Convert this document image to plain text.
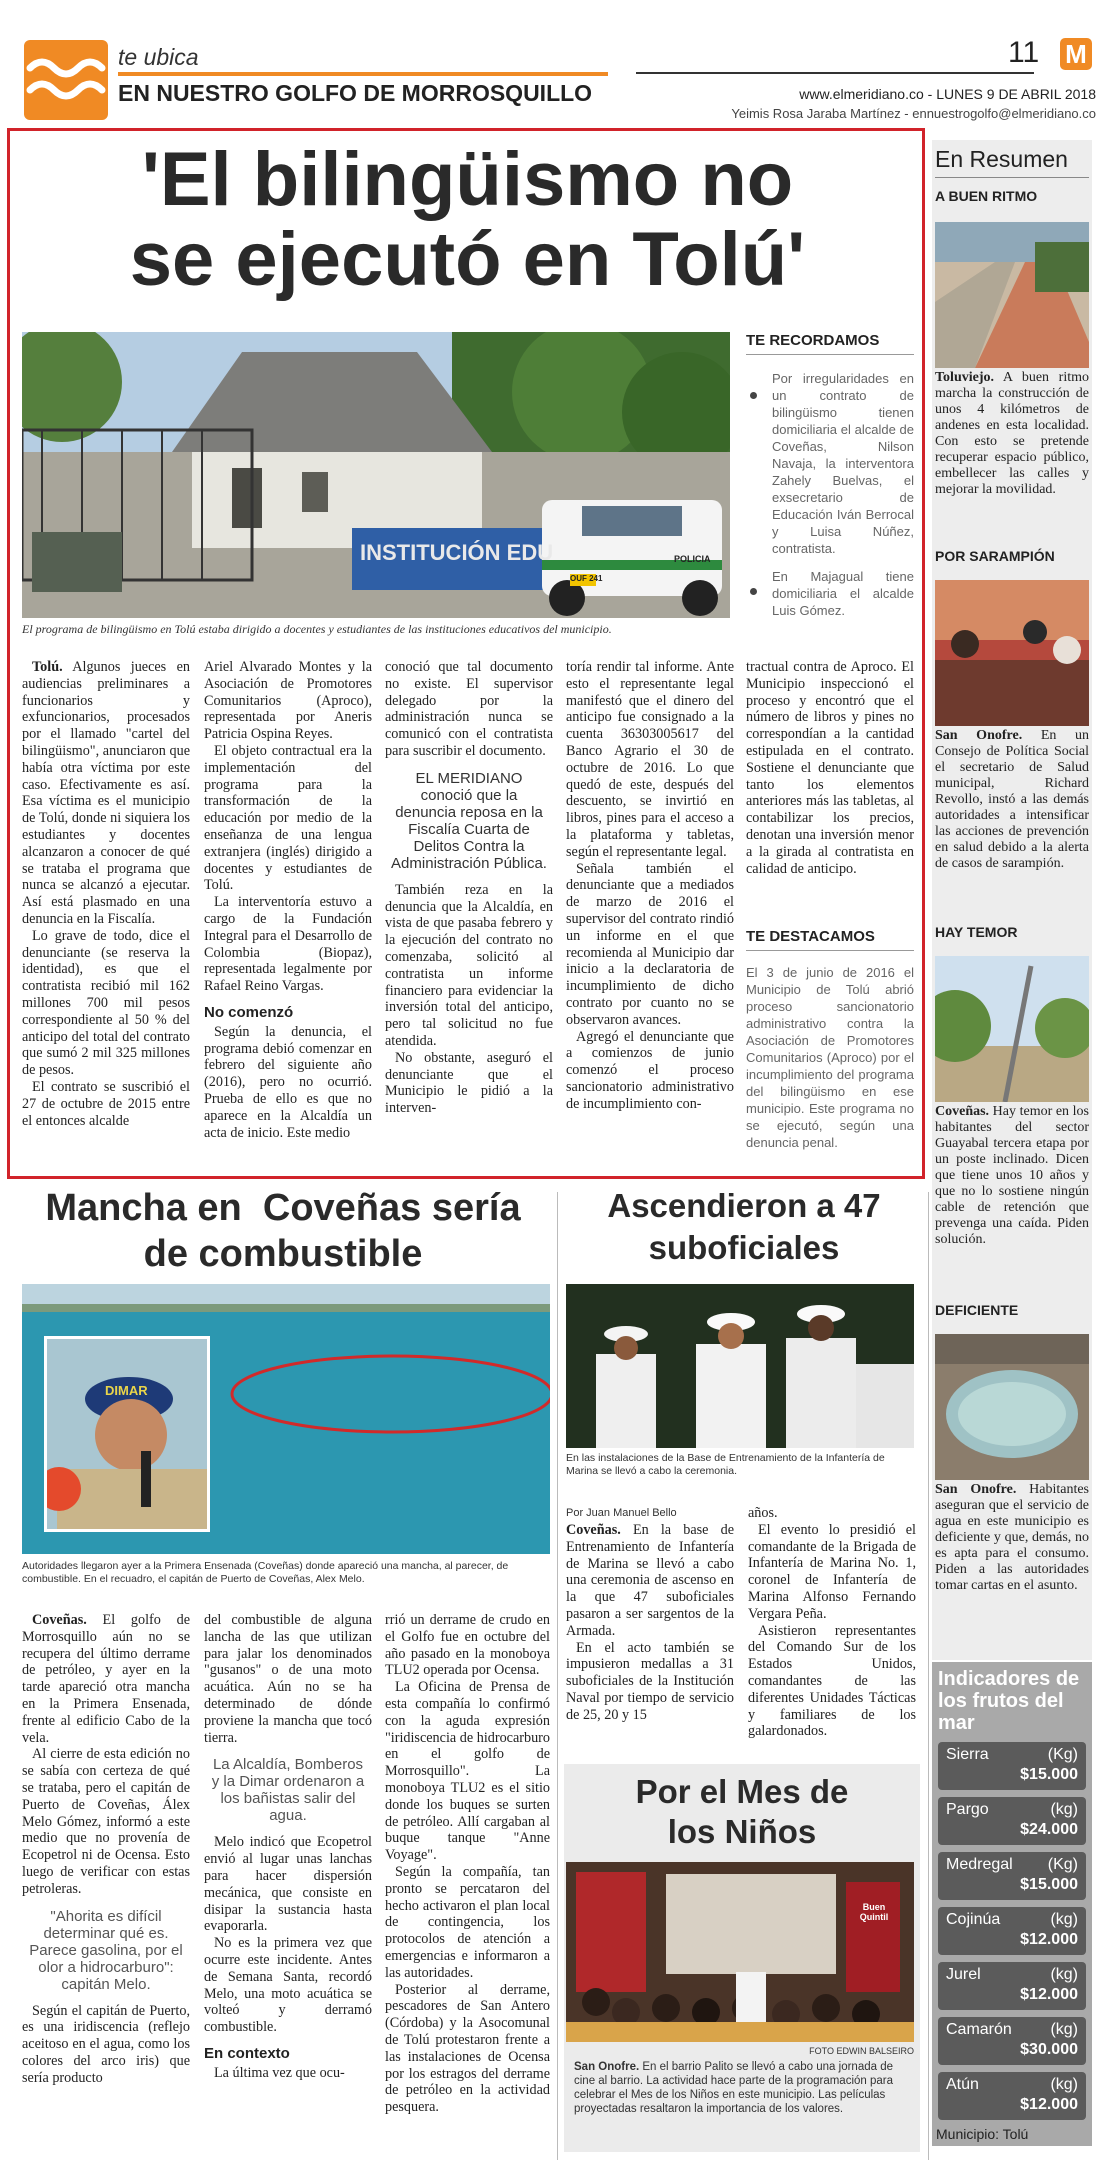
te ubica
EN NUESTRO GOLFO DE MORROSQUILLO
11 M
www.elmeridiano.co - LUNES 9 DE ABRIL 2018
Yeimis Rosa Jaraba Martínez - ennuestrogolfo@elmeridiano.co
'El bilingüismo no
se ejecutó en Tolú'
INSTITUCIÓN EDU	POLICIA
OUF 241
El programa de bilingüismo en Tolú estaba dirigido a docentes y estudiantes de las instituciones educativos del municipio.
TE RECORDAMOS
Por irregularidades en un contrato de bilingüismo tienen domiciliaria el alcalde de Coveñas, Nilson Navaja, la interventora Zahely Buelvas, el exsecretario de Educación Iván Berrocal y Luisa Núñez, contratista.
En Majagual tiene domiciliaria el alcalde Luis Gómez.

Tolú. Algunos jueces en audiencias preliminares a funcionarios y exfuncionarios, procesados por el llamado "cartel del bilingüismo", anunciaron que había otra víctima por este caso. Efectivamente es así. Esa víctima es el municipio de Tolú, donde ni siquiera los estudiantes y docentes alcanzaron a conocer de qué se trataba el programa que nunca se alcanzó a ejecutar. Así está plasmado en una denuncia en la Fiscalía.

Lo grave de todo, dice el denunciante (se reserva la identidad), es que el contratista recibió mil 162 millones 700 mil pesos correspondiente al 50 % del anticipo del total del contrato que sumó 2 mil 325 millones de pesos.

El contrato se suscribió el 27 de octubre de 2015 entre el entonces alcalde

Ariel Alvarado Montes y la Asociación de Promotores Comunitarios (Aproco), representada por Aneris Patricia Ospina Reyes.

El objeto contractual era la implementación del programa para la transformación de la educación por medio de la enseñanza de una lengua extranjera (inglés) dirigido a docentes y estudiantes de Tolú.

La interventoría estuvo a cargo de la Fundación Integral para el Desarrollo de Colombia (Biopaz), representada legalmente por Rafael Reino Vargas.

No comenzó

Según la denuncia, el programa debió comenzar en febrero del siguiente año (2016), pero no ocurrió. Prueba de ello es que no aparece en la Alcaldía un acta de inicio. Este medio

conoció que tal documento no existe. El supervisor delegado por la administración nunca se comunicó con el contratista para suscribir el documento.

EL MERIDIANO conoció que la denuncia reposa en la Fiscalía Cuarta de Delitos Contra la Administración Pública.

También reza en la denuncia que la Alcaldía, en vista de que pasaba febrero y la ejecución del contrato no comenzaba, solicitó al contratista un informe financiero para evidenciar la inversión total del anticipo, pero tal solicitud no fue atendida.

No obstante, aseguró el denunciante que el Municipio le pidió a la interven-

toría rendir tal informe. Ante esto el representante legal manifestó que el dinero del anticipo fue consignado a la cuenta 36303005617 del Banco Agrario el 30 de octubre de 2016. Lo que quedó de este, después del descuento, se invirtió en libros, pines para el acceso a la plataforma y tabletas, según el representante legal.

Señala también el denunciante que a mediados de marzo de 2016 el supervisor del contrato rindió un informe en el que recomienda al Municipio dar inicio a la declaratoria de incumplimiento de dicho contrato por cuanto no se observaron avances.

Agregó el denunciante que a comienzos de junio comenzó el proceso sancionatorio administrativo de incumplimiento con-

tractual contra de Aproco. El Municipio inspeccionó el proceso y encontró que el número de libros y pines no correspondían a la cantidad estipulada en el contrato. Sostiene el denunciante que tanto los elementos anteriores más las tabletas, al contabilizar los precios, denotan una inversión menor a la girada al contratista en calidad de anticipo.

TE DESTACAMOS
El 3 de junio de 2016 el Municipio de Tolú abrió proceso sancionatorio administrativo contra la Asociación de Promotores Comunitarios (Aproco) por el incumplimiento del programa del bilingüismo en ese municipio. Este programa no se ejecutó, según una denuncia penal.
En Resumen
A BUEN RITMO
Toluviejo. A buen ritmo marcha la construcción de unos 4 kilómetros de andenes en esta localidad. Con esto se pretende recuperar espacio público, embellecer las calles y mejorar la movilidad.
POR SARAMPIÓN
San Onofre. En un Consejo de Política Social el secretario de Salud municipal, Richard Revollo, instó a las demás autoridades a intensificar las acciones de prevención en salud debido a la alerta de casos de sarampión.
HAY TEMOR
Coveñas. Hay temor en los habitantes del sector Guayabal tercera etapa por un poste inclinado. Dicen que tiene unos 10 años y que no lo sostiene ningún cable de retención que prevenga una caída. Piden solución.
DEFICIENTE
San Onofre. Habitantes aseguran que el servicio de agua en este municipio es deficiente y que, demás, no es apta para el consumo. Piden a las autoridades tomar cartas en el asunto.
Indicadores de los frutos del mar
Sierra	(Kg)
$15.000
Pargo	(kg)
$24.000
Medregal (Kg)
$15.000
Cojinúa	(kg)
$12.000
Jurel	(kg)
$12.000
Camarón (kg)
$30.000
Atún	(kg)
$12.000
Municipio: Tolú
Mancha en  Coveñas sería
de combustible
DIMAR
Autoridades llegaron ayer a la Primera Ensenada (Coveñas) donde apareció una mancha, al parecer, de combustible. En el recuadro, el capitán de Puerto de Coveñas, Alex Melo.

Coveñas. El golfo de Morrosquillo aún no se recupera del último derrame de petróleo, y ayer en la tarde apareció otra mancha en la Primera Ensenada, frente al edificio Cabo de la vela.

Al cierre de esta edición no se sabía con certeza de qué se trataba, pero el capitán de Puerto de Coveñas, Álex Melo Gómez, informó a este medio que no provenía de Ecopetrol ni de Ocensa. Esto luego de verificar con estas petroleras.

"Ahorita es difícil determinar qué es. Parece gasolina, por el olor a hidrocarburo": capitán Melo.

Según el capitán de Puerto, es una iridiscencia (reflejo aceitoso en el agua, como los colores del arco iris) que sería producto

del combustible de alguna lancha de las que utilizan para jalar los denominados "gusanos" o de una moto acuática. Aún no se ha determinado de dónde proviene la mancha que tocó tierra.

La Alcaldía, Bomberos y la Dimar ordenaron a los bañistas salir del agua.

Melo indicó que Ecopetrol envió al lugar unas lanchas para hacer dispersión mecánica, que consiste en disipar la sustancia hasta evaporarla.

No es la primera vez que ocurre este incidente. Antes de Semana Santa, recordó Melo, una moto acuática se volteó y derramó combustible.

En contexto

La última vez que ocu-

rrió un derrame de crudo en el Golfo fue en octubre del año pasado en la monoboya TLU2 operada por Ocensa.

La Oficina de Prensa de esta compañía lo confirmó con la aguda expresión "iridiscencia de hidrocarburo en el golfo de Morrosquillo". La monoboya TLU2 es el sitio donde los buques se surten de petróleo. Allí cargaban al buque tanque "Anne Voyage".

Según la compañía, tan pronto se percataron del hecho activaron el plan local de contingencia, los protocolos de atención a emergencias e informaron a las autoridades.

Posterior al derrame, pescadores de San Antero (Córdoba) y la Asocomunal de Tolú protestaron frente a las instalaciones de Ocensa por los estragos del derrame de petróleo en la actividad pesquera.

Ascendieron a 47
suboficiales
En las instalaciones de la Base de Entrenamiento de la Infantería de Marina se llevó a cabo la ceremonia.
Por Juan Manuel Bello

Coveñas. En la base de Entrenamiento de Infantería de Marina se llevó a cabo una ceremonia de ascenso en la que 47 suboficiales pasaron a ser sargentos de la Armada.

En el acto también se impusieron medallas a 31 suboficiales de la Institución Naval por tiempo de servicio de 25, 20 y 15

años.

El evento lo presidió el comandante de la Brigada de Infantería de Marina No. 1, coronel de Infantería de Marina Alfonso Fernando Vergara Peña.

Asistieron representantes del Comando Sur de los Estados Unidos, comandantes de las diferentes Unidades Tácticas y familiares de los galardonados.

Por el Mes de
los Niños
Buen Quintil
FOTO EDWIN BALSEIRO
San Onofre. En el barrio Palito se llevó a cabo una jornada de cine al barrio. La actividad hace parte de la programación para celebrar el Mes de los Niños en este municipio. Las películas proyectadas resaltaron la importancia de los valores.
